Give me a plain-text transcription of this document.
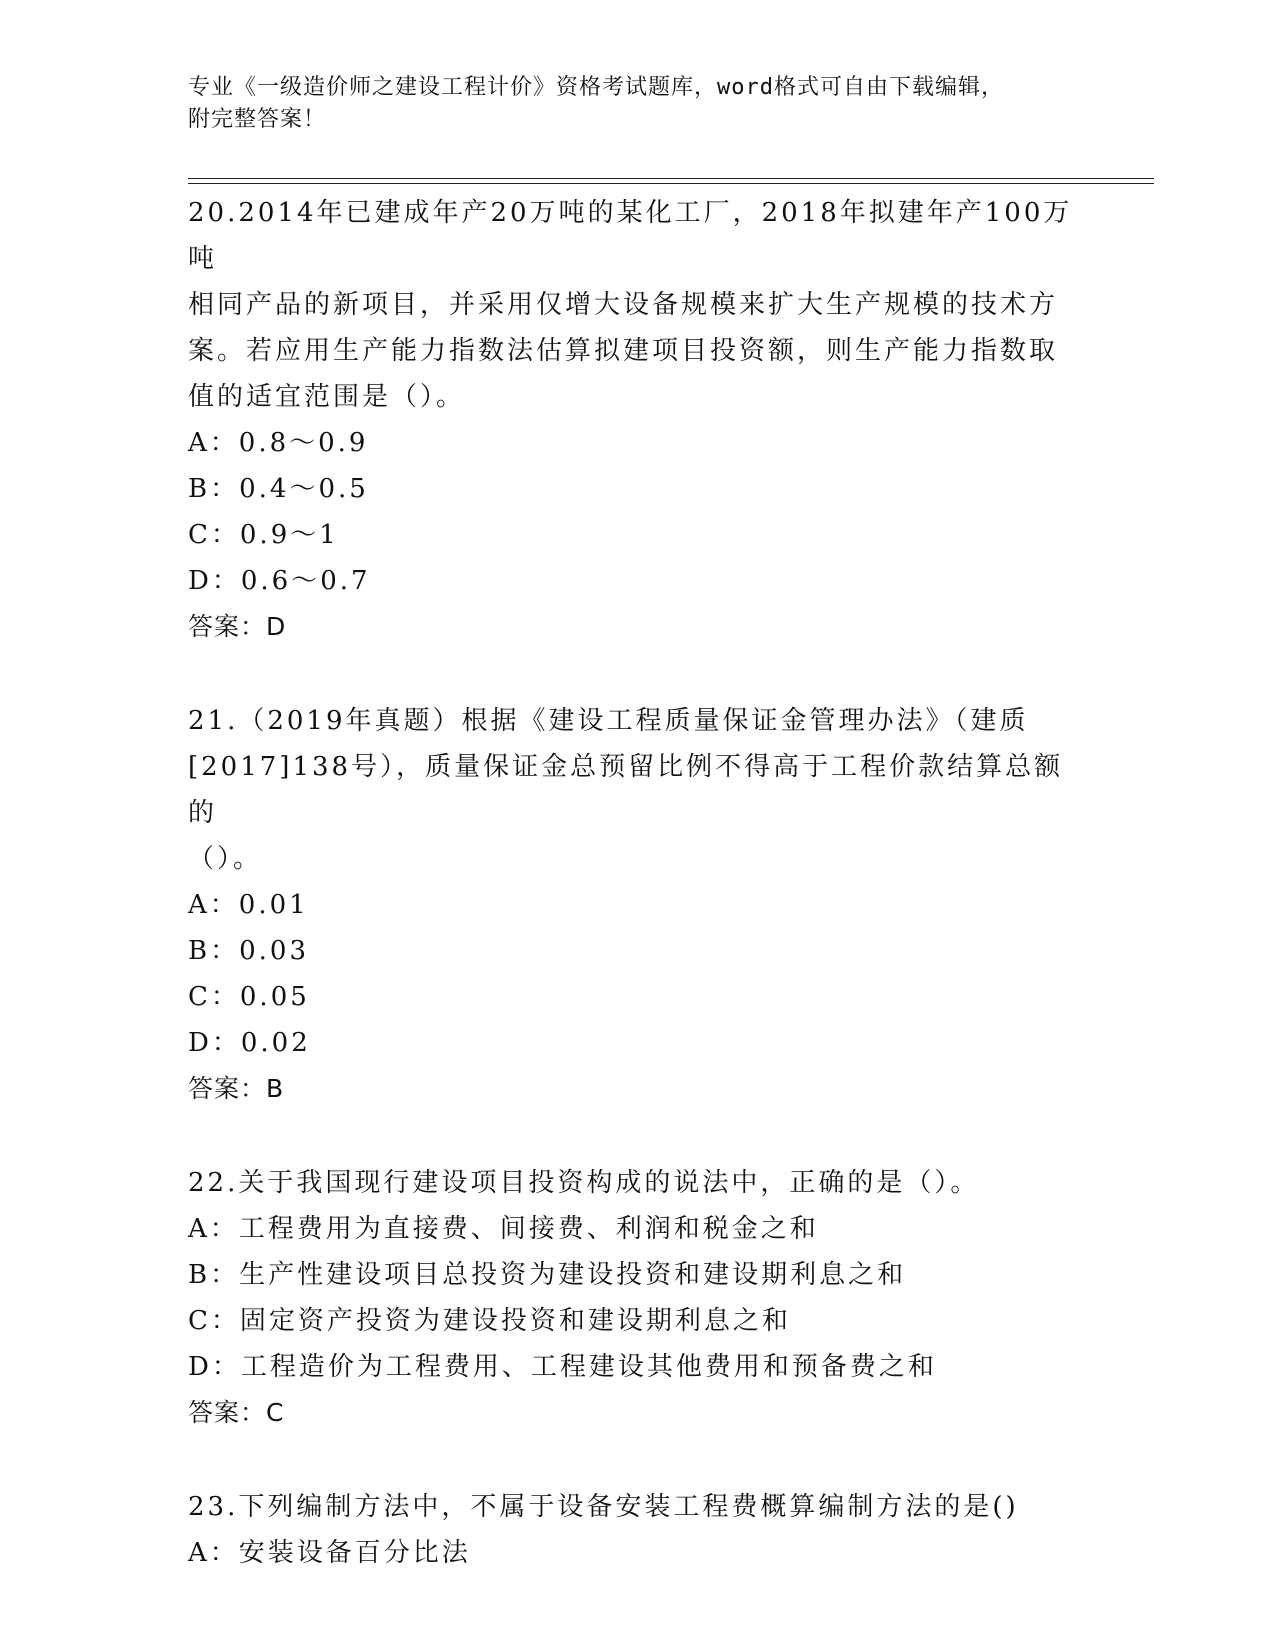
专业《一级造价师之建设工程计价》资格考试题库，word格式可自由下载编辑，
附完整答案！
20.2014年已建成年产20万吨的某化工厂，2018年拟建年产100万吨
相同产品的新项目，并采用仅增大设备规模来扩大生产规模的技术方
案。若应用生产能力指数法估算拟建项目投资额，则生产能力指数取
值的适宜范围是（）。
A：0.8～0.9
B：0.4～0.5
C：0.9～1
D：0.6～0.7
答案：D
21.（2019年真题）根据《建设工程质量保证金管理办法》（建质
[2017]138号），质量保证金总预留比例不得高于工程价款结算总额的
（）。
A：0.01
B：0.03
C：0.05
D：0.02
答案：B
22.关于我国现行建设项目投资构成的说法中，正确的是（）。
A：工程费用为直接费、间接费、利润和税金之和
B：生产性建设项目总投资为建设投资和建设期利息之和
C：固定资产投资为建设投资和建设期利息之和
D：工程造价为工程费用、工程建设其他费用和预备费之和
答案：C
23.下列编制方法中，不属于设备安装工程费概算编制方法的是()
A：安装设备百分比法
